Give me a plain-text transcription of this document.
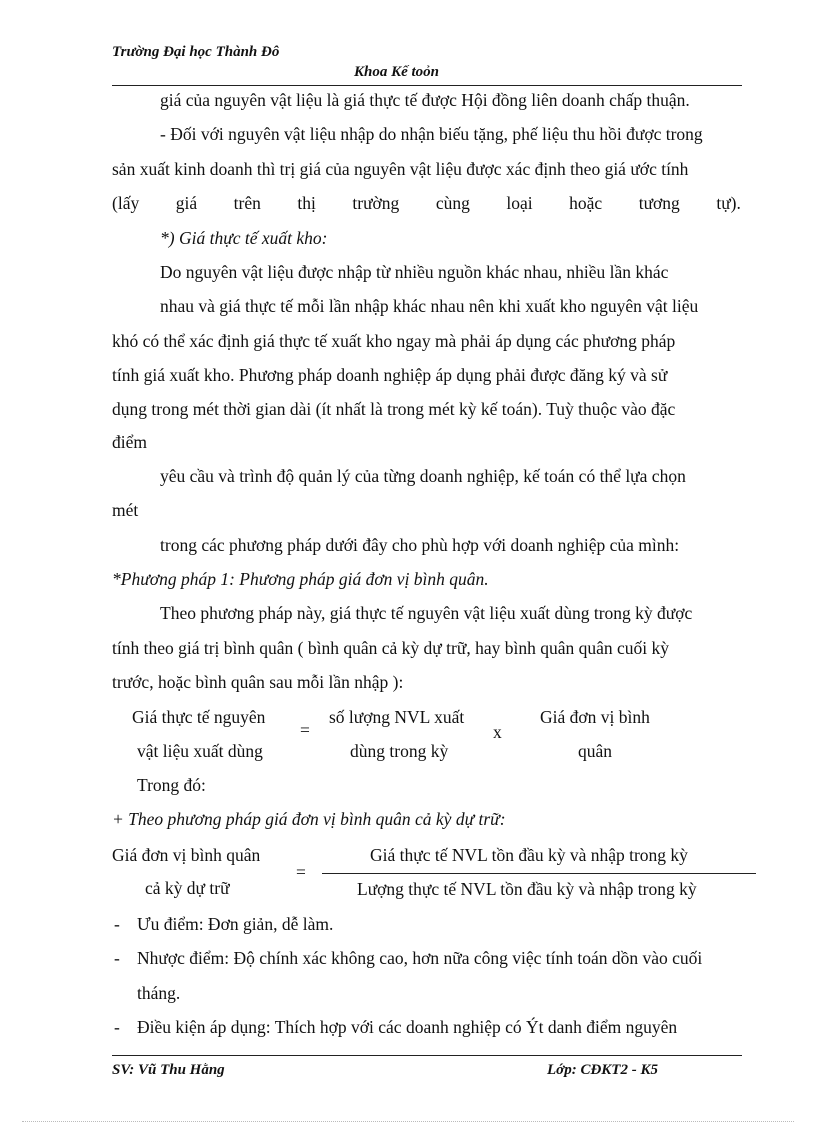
Trường Đại học Thành Đô
Khoa Kế toỏn
giá của nguyên vật liệu là giá thực tế được Hội đồng liên doanh chấp thuận.
- Đối với nguyên vật liệu nhập do nhận biếu tặng, phế liệu thu hồi được trong
sản xuất kinh doanh thì trị giá của nguyên vật liệu được xác định theo giá ước tính
(lấy giá trên thị trường cùng loại hoặc tương tự).
*) Giá thực tế xuất kho:
Do nguyên vật liệu được nhập từ nhiều nguồn khác nhau, nhiều lần khác
nhau và giá thực tế mỗi lần nhập khác nhau nên khi xuất kho nguyên vật liệu
khó có thể xác định giá thực tế xuất kho ngay mà phải áp dụng các phương pháp
tính giá xuất kho. Phương pháp doanh nghiệp áp dụng phải được đăng ký và sử
dụng trong mét thời gian dài (ít nhất là trong mét kỳ kế toán). Tuỳ thuộc vào đặc
điểm
yêu cầu và trình độ quản lý của từng doanh nghiệp, kế toán có thể lựa chọn
mét
trong các phương pháp dưới đây cho phù hợp với doanh nghiệp của mình:
*Phương pháp 1: Phương pháp giá đơn vị bình quân.
Theo phương pháp này, giá thực tế nguyên vật liệu xuất dùng trong kỳ được
tính theo giá trị bình quân ( bình quân cả kỳ dự trữ, hay bình quân quân cuối kỳ
trước, hoặc bình quân sau mỗi lần nhập ):
Giá thực tế nguyên
vật liệu xuất dùng
=
số lượng NVL xuất
dùng trong kỳ
x
Giá đơn vị bình
quân
Trong đó:
+ Theo phương pháp giá đơn vị bình quân cả kỳ dự trữ:
Giá đơn vị bình quân
cả kỳ dự trữ
=
Giá thực tế NVL tồn đầu kỳ và nhập trong kỳ
Lượng thực tế NVL tồn đầu kỳ và nhập trong kỳ
- Ưu điểm: Đơn giản, dễ làm.
- Nhược điểm: Độ chính xác không cao, hơn nữa công việc tính toán dồn vào cuối
tháng.
- Điều kiện áp dụng: Thích hợp với các doanh nghiệp có Ýt danh điểm nguyên
SV: Vũ Thu Hằng	Lớp: CĐKT2 - K5
